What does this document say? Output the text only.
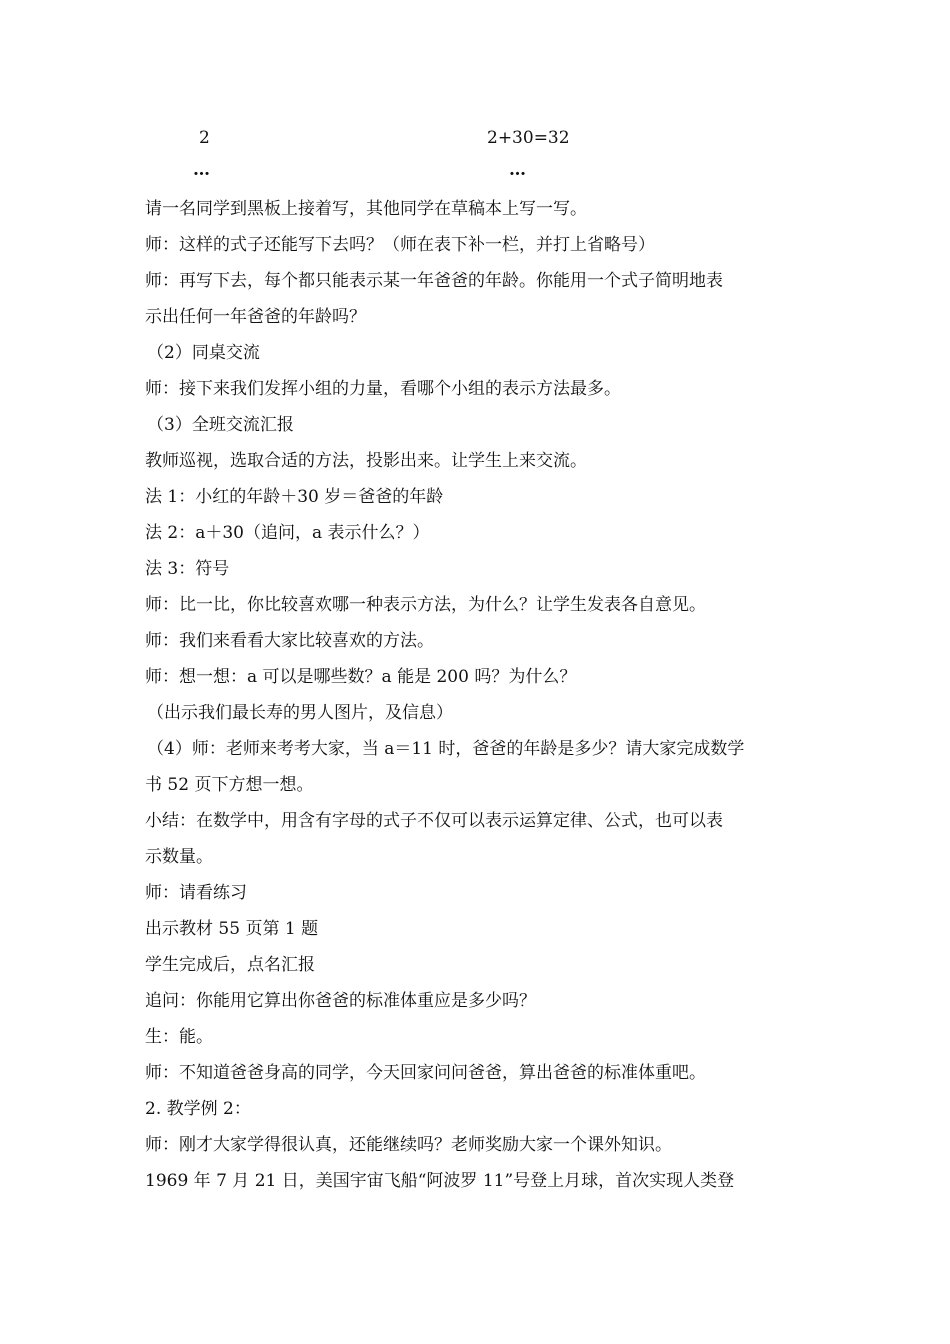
2	2+30=32
…	…
请一名同学到黑板上接着写，其他同学在草稿本上写一写。
师：这样的式子还能写下去吗？（师在表下补一栏，并打上省略号）
师：再写下去，每个都只能表示某一年爸爸的年龄。你能用一个式子简明地表
示出任何一年爸爸的年龄吗？
（2）同桌交流
师：接下来我们发挥小组的力量，看哪个小组的表示方法最多。
（3）全班交流汇报
教师巡视，选取合适的方法，投影出来。让学生上来交流。
法 1：小红的年龄＋30 岁＝爸爸的年龄
法 2：a＋30（追问，a 表示什么？）
法 3：符号
师：比一比，你比较喜欢哪一种表示方法，为什么？让学生发表各自意见。
师：我们来看看大家比较喜欢的方法。
师：想一想：a 可以是哪些数？a 能是 200 吗？为什么？
（出示我们最长寿的男人图片，及信息）
（4）师：老师来考考大家，当 a＝11 时，爸爸的年龄是多少？请大家完成数学
书 52 页下方想一想。
小结：在数学中，用含有字母的式子不仅可以表示运算定律、公式，也可以表
示数量。
师：请看练习
出示教材 55 页第 1 题
学生完成后，点名汇报
追问：你能用它算出你爸爸的标准体重应是多少吗？
生：能。
师：不知道爸爸身高的同学，今天回家问问爸爸，算出爸爸的标准体重吧。
2. 教学例 2：
师：刚才大家学得很认真，还能继续吗？老师奖励大家一个课外知识。
1969 年 7 月 21 日，美国宇宙飞船“阿波罗 11”号登上月球，首次实现人类登
